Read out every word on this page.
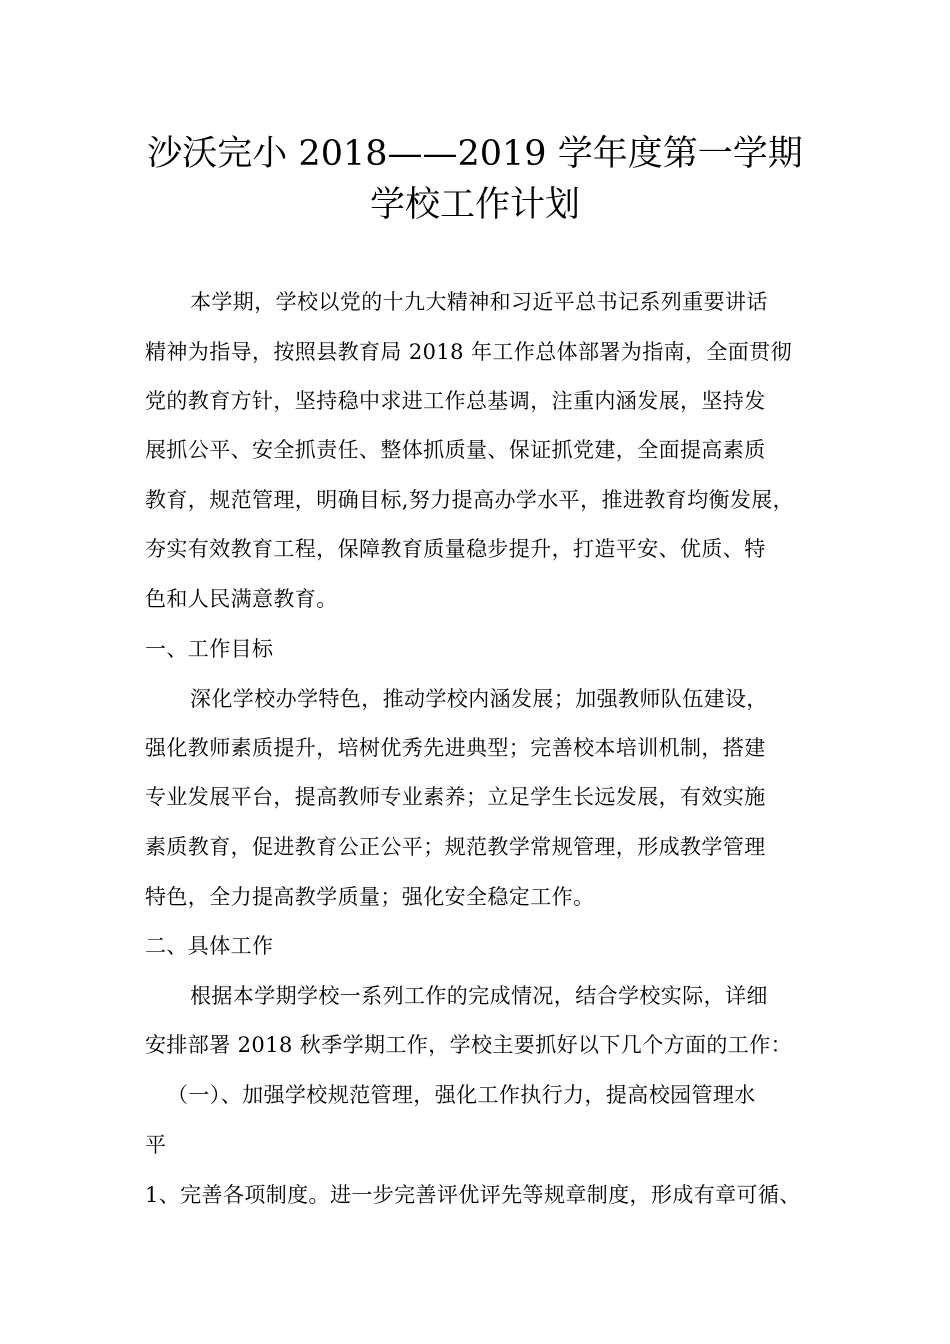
沙沃完小 2018——2019 学年度第一学期
学校工作计划

本学期，学校以党的十九大精神和习近平总书记系列重要讲话

精神为指导，按照县教育局 2018 年工作总体部署为指南，全面贯彻

党的教育方针，坚持稳中求进工作总基调，注重内涵发展，坚持发

展抓公平、安全抓责任、整体抓质量、保证抓党建，全面提高素质

教育，规范管理，明确目标,努力提高办学水平，推进教育均衡发展，

夯实有效教育工程，保障教育质量稳步提升，打造平安、优质、特

色和人民满意教育。

一、工作目标

深化学校办学特色，推动学校内涵发展；加强教师队伍建设，

强化教师素质提升，培树优秀先进典型；完善校本培训机制，搭建

专业发展平台，提高教师专业素养；立足学生长远发展，有效实施

素质教育，促进教育公正公平；规范教学常规管理，形成教学管理

特色，全力提高教学质量；强化安全稳定工作。

二、具体工作

根据本学期学校一系列工作的完成情况，结合学校实际，详细

安排部署 2018 秋季学期工作，学校主要抓好以下几个方面的工作：

（一）、加强学校规范管理，强化工作执行力，提高校园管理水

平

1、完善各项制度。进一步完善评优评先等规章制度，形成有章可循、
